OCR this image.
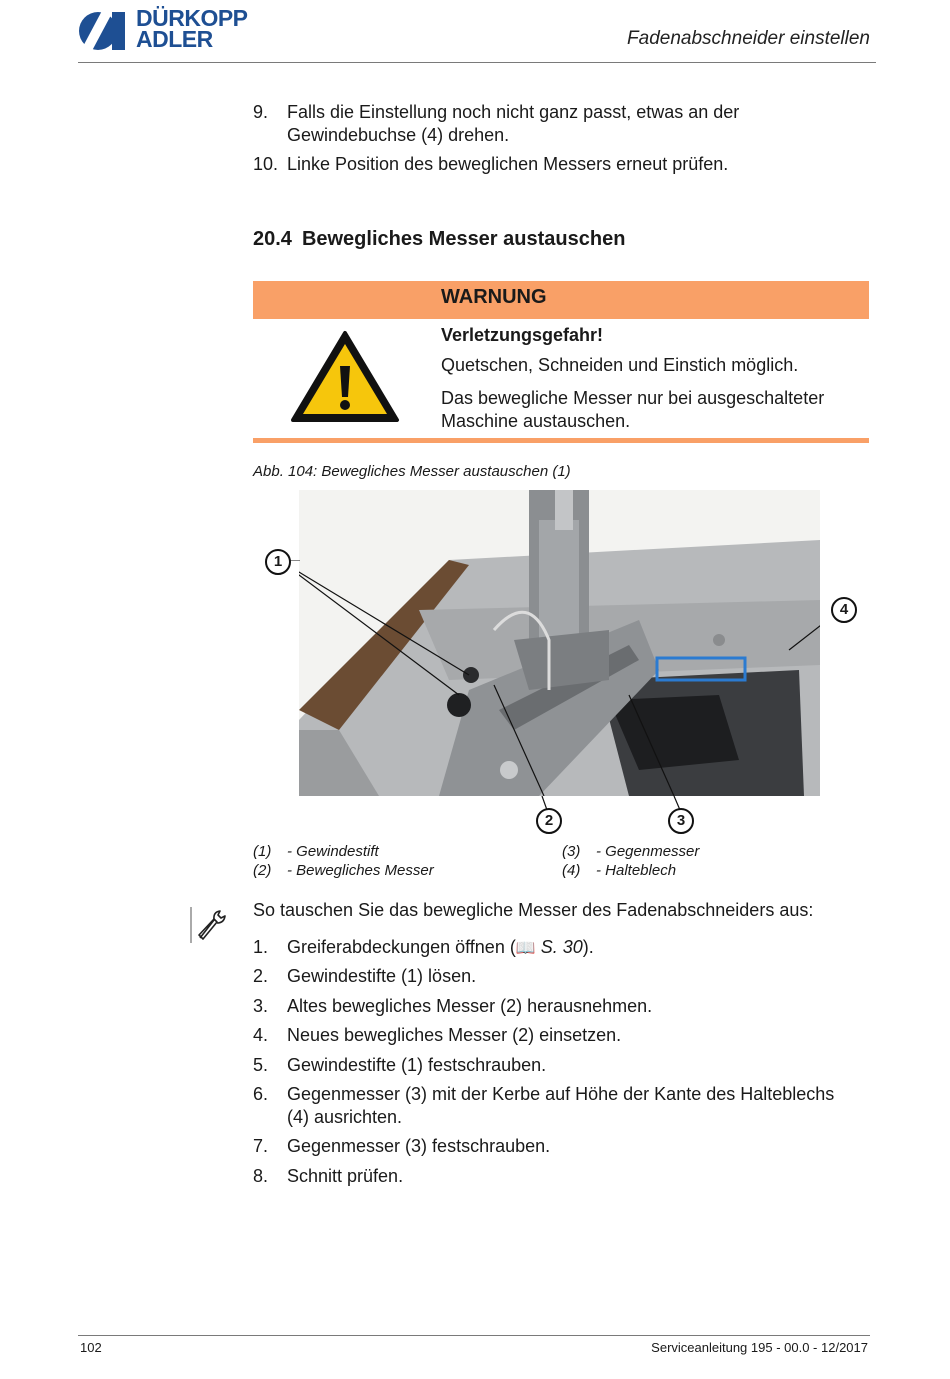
DÜRKOPP
ADLER	Fadenabschneider einstellen
9.	Falls die Einstellung noch nicht ganz passt, etwas an der Gewindebuchse (4) drehen.
10. Linke Position des beweglichen Messers erneut prüfen.
20.4 Bewegliches Messer austauschen
WARNUNG
Verletzungsgefahr!
Quetschen, Schneiden und Einstich möglich.
Das bewegliche Messer nur bei ausgeschalteter Maschine austauschen.
Abb. 104: Bewegliches Messer austauschen (1)
1
2	3
4
(1) - Gewindestift
(2) - Bewegliches Messer
(3) - Gegenmesser
(4) - Halteblech
So tauschen Sie das bewegliche Messer des Fadenabschneiders aus:
1.	Greiferabdeckungen öffnen (📖 S. 30).
2.	Gewindestifte (1) lösen.
3.	Altes bewegliches Messer (2) herausnehmen.
4.	Neues bewegliches Messer (2) einsetzen.
5.	Gewindestifte (1) festschrauben.
6.	Gegenmesser (3) mit der Kerbe auf Höhe der Kante des Halteblechs (4) ausrichten.
7.	Gegenmesser (3) festschrauben.
8.	Schnitt prüfen.
102	Serviceanleitung 195 - 00.0 - 12/2017
